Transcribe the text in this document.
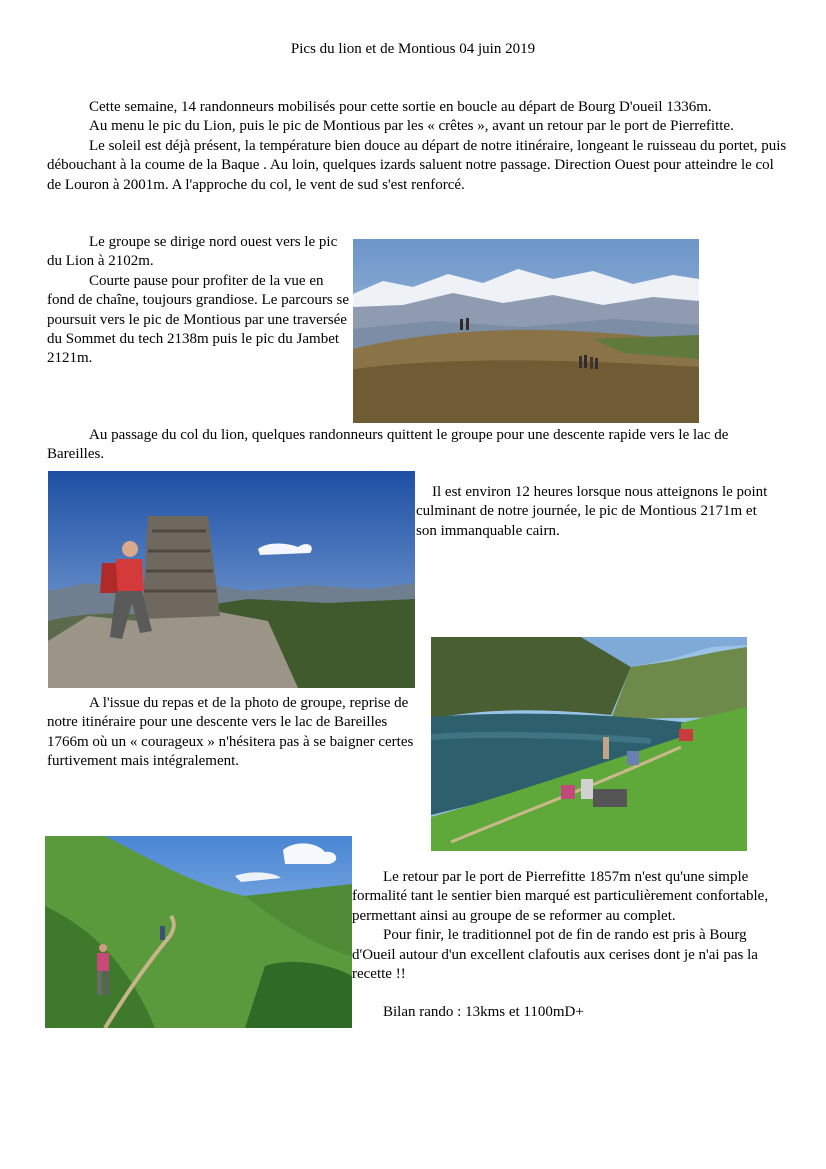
Pics du lion et de Montious 04 juin 2019

Cette semaine, 14 randonneurs mobilisés pour cette sortie en boucle au départ de Bourg D'oueil 1336m.

Au menu le pic du Lion, puis le pic de Montious par les « crêtes », avant un retour par le port de Pierrefitte.

Le soleil est déjà présent, la température bien douce au départ de notre itinéraire, longeant le ruisseau du portet, puis débouchant à la coume de la Baque . Au loin, quelques izards saluent notre passage. Direction Ouest pour atteindre le col de Louron à 2001m. A l'approche du col, le vent de sud s'est renforcé.

Le groupe se dirige nord ouest vers le pic du Lion à 2102m.

Courte pause pour profiter de la vue en fond de chaîne, toujours grandiose. Le parcours se poursuit vers le pic de Montious par une traversée du Sommet du tech 2138m puis le pic du Jambet 2121m.

Au passage du col du lion, quelques randonneurs quittent le groupe pour une descente rapide vers le lac de Bareilles.

Il est environ 12 heures lorsque nous atteignons le point culminant de notre journée, le pic de Montious 2171m et son immanquable cairn.

A l'issue du repas et de la photo de groupe, reprise de notre itinéraire pour une descente vers le lac de Bareilles 1766m où un « courageux » n'hésitera pas à se baigner certes furtivement mais intégralement.

Le retour par le port de Pierrefitte 1857m n'est qu'une simple formalité tant le sentier bien marqué est particulièrement confortable, permettant ainsi au groupe de se reformer au complet.

Pour finir, le traditionnel pot de fin de rando est pris à Bourg d'Oueil autour d'un excellent clafoutis aux cerises dont je n'ai pas la recette !!

Bilan rando : 13kms et 1100mD+
